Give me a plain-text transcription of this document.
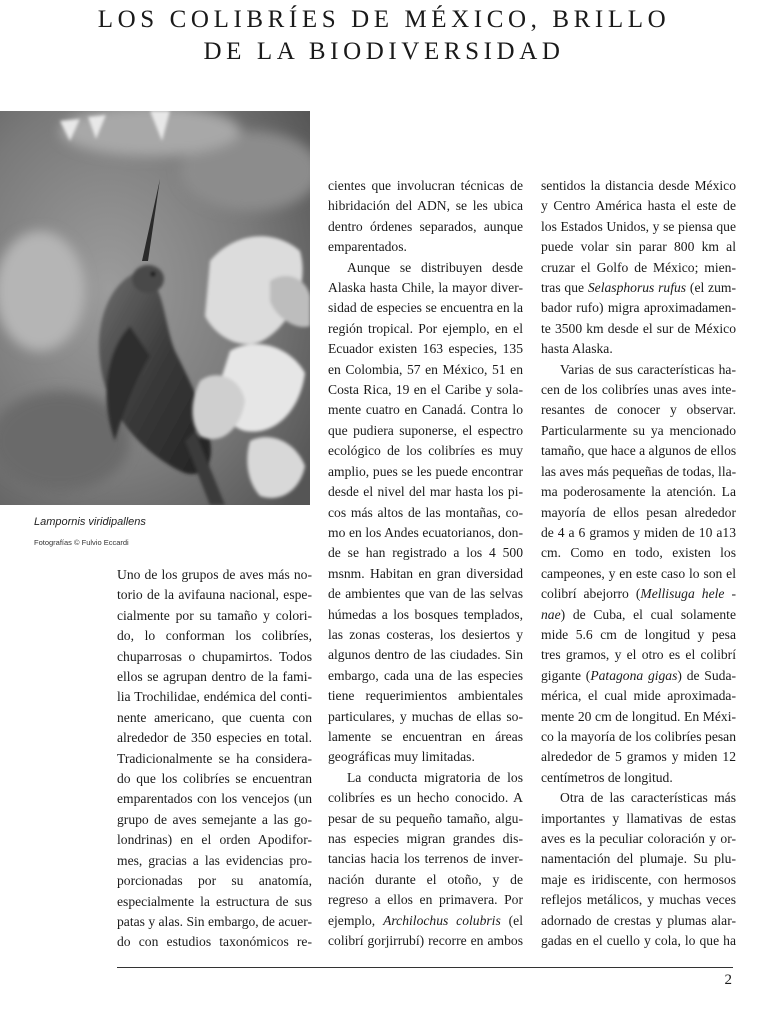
LOS COLIBRÍES DE MÉXICO, BRILLO
DE LA BIODIVERSIDAD
Lampornis viridipallens
Fotografías © Fulvio Eccardi
Uno de los grupos de aves más no-
torio de la avifauna nacional, espe-
cialmente por su tamaño y colori-
do, lo conforman los colibríes,
chuparrosas o chupamirtos. Todos
ellos se agrupan dentro de la fami-
lia Trochilidae, endémica del conti-
nente americano, que cuenta con
alrededor de 350 especies en total.
Tradicionalmente se ha considera-
do que los colibríes se encuentran
emparentados con los vencejos (un
grupo de aves semejante a las go-
londrinas) en el orden Apodifor-
mes, gracias a las evidencias pro-
porcionadas por su anatomía,
especialmente la estructura de sus
patas y alas. Sin embargo, de acuer-
do con estudios taxonómicos re-
cientes que involucran técnicas de
hibridación del ADN, se les ubica
dentro órdenes separados, aunque
emparentados.
Aunque se distribuyen desde
Alaska hasta Chile, la mayor diver-
sidad de especies se encuentra en la
región tropical. Por ejemplo, en el
Ecuador existen 163 especies, 135
en Colombia, 57 en México, 51 en
Costa Rica, 19 en el Caribe y sola-
mente cuatro en Canadá. Contra lo
que pudiera suponerse, el espectro
ecológico de los colibríes es muy
amplio, pues se les puede encontrar
desde el nivel del mar hasta los pi-
cos más altos de las montañas, co-
mo en los Andes ecuatorianos, don-
de se han registrado a los 4 500
msnm. Habitan en gran diversidad
de ambientes que van de las selvas
húmedas a los bosques templados,
las zonas costeras, los desiertos y
algunos dentro de las ciudades. Sin
embargo, cada una de las especies
tiene requerimientos ambientales
particulares, y muchas de ellas so-
lamente se encuentran en áreas
geográficas muy limitadas.
La conducta migratoria de los
colibríes es un hecho conocido. A
pesar de su pequeño tamaño, algu-
nas especies migran grandes dis-
tancias hacia los terrenos de inver-
nación durante el otoño, y de
regreso a ellos en primavera. Por
ejemplo, Archilochus colubris (el
colibrí gorjirrubí) recorre en ambos
sentidos la distancia desde México
y Centro América hasta el este de
los Estados Unidos, y se piensa que
puede volar sin parar 800 km al
cruzar el Golfo de México; mien-
tras que Selasphorus rufus (el zum-
bador rufo) migra aproximadamen-
te 3500 km desde el sur de México
hasta Alaska.
Varias de sus características ha-
cen de los colibríes unas aves inte-
resantes de conocer y observar.
Particularmente su ya mencionado
tamaño, que hace a algunos de ellos
las aves más pequeñas de todas, lla-
ma poderosamente la atención. La
mayoría de ellos pesan alrededor
de 4 a 6 gramos y miden de 10 a13
cm. Como en todo, existen los
campeones, y en este caso lo son el
colibrí abejorro (Mellisuga hele -
nae) de Cuba, el cual solamente
mide 5.6 cm de longitud y pesa
tres gramos, y el otro es el colibrí
gigante (Patagona gigas) de Suda-
mérica, el cual mide aproximada-
mente 20 cm de longitud. En Méxi-
co la mayoría de los colibríes pesan
alrededor de 5 gramos y miden 12
centímetros de longitud.
Otra de las características más
importantes y llamativas de estas
aves es la peculiar coloración y or-
namentación del plumaje. Su plu-
maje es iridiscente, con hermosos
reflejos metálicos, y muchas veces
adornado de crestas y plumas alar-
gadas en el cuello y cola, lo que ha
2
